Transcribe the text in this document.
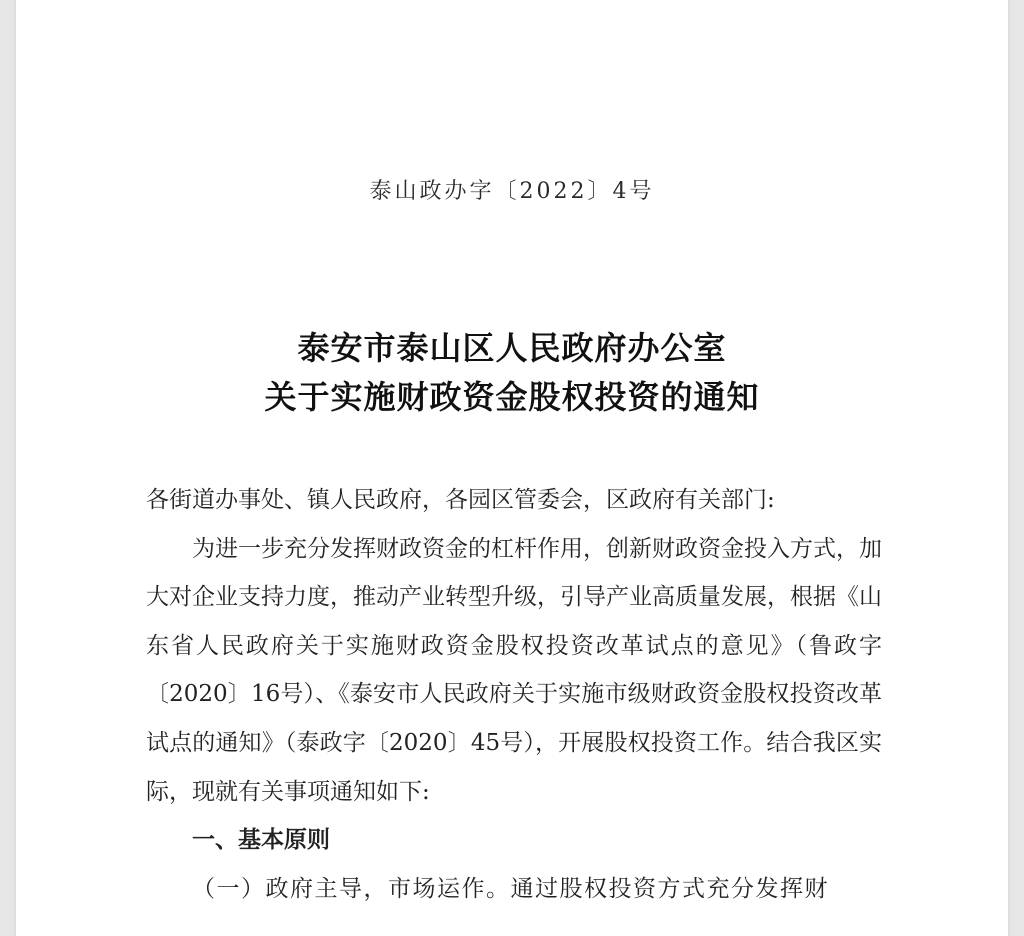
泰山政办字〔2022〕4号
泰安市泰山区人民政府办公室
关于实施财政资金股权投资的通知

各街道办事处、镇人民政府，各园区管委会，区政府有关部门:

为进一步充分发挥财政资金的杠杆作用，创新财政资金投入方式，加大对企业支持力度，推动产业转型升级，引导产业高质量发展，根据《山东省人民政府关于实施财政资金股权投资改革试点的意见》（鲁政字〔2020〕16号）、《泰安市人民政府关于实施市级财政资金股权投资改革试点的通知》（泰政字〔2020〕45号），开展股权投资工作。结合我区实际，现就有关事项通知如下:

一、基本原则

（一）政府主导，市场运作。通过股权投资方式充分发挥财
